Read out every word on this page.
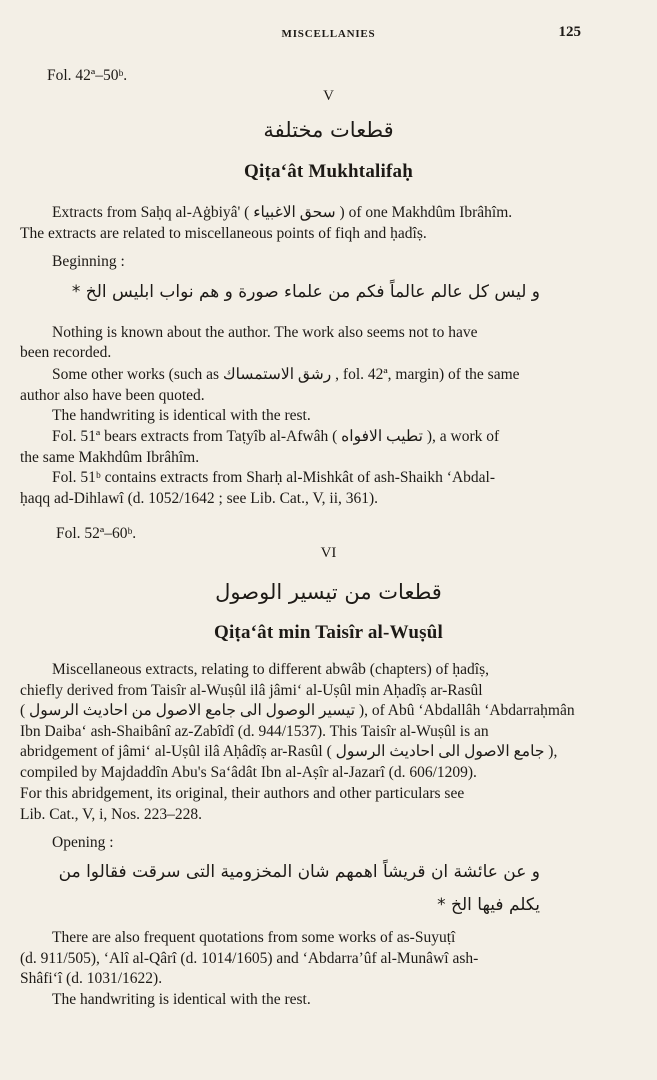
MISCELLANIES	125
Fol. 42ª–50ᵇ.
V
قطعات مختلفة
Qiṭa‘ât Mukhtalifaḥ
Extracts from Saḥq al-Aġbiyâ' ( سحق الاغبياء ) of one Makhdûm Ibrâhîm.
The extracts are related to miscellaneous points of fiqh and ḥadîṣ.
Beginning :
و ليس كل عالم عالماً فكم من علماء صورة و هم نواب ابليس الخ *
Nothing is known about the author. The work also seems not to have
been recorded.
Some other works (such as رشق الاستمساك , fol. 42ª, margin) of the same
author also have been quoted.
The handwriting is identical with the rest.
Fol. 51ª bears extracts from Taṭyîb al-Afwâh ( تطيب الافواه ), a work of
the same Makhdûm Ibrâhîm.
Fol. 51ᵇ contains extracts from Sharḥ al-Mishkât of ash-Shaikh ‘Abdal-
ḥaqq ad-Dihlawî (d. 1052/1642 ; see Lib. Cat., V, ii, 361).
Fol. 52ª–60ᵇ.
VI
قطعات من تيسير الوصول
Qiṭa‘ât min Taisîr al-Wuṣûl
Miscellaneous extracts, relating to different abwâb (chapters) of ḥadîṣ,
chiefly derived from Taisîr al-Wuṣûl ilâ jâmi‘ al-Uṣûl min Aḥadîṣ ar-Rasûl
( تيسير الوصول الى جامع الاصول من احاديث الرسول ), of Abû ‘Abdallâh ‘Abdarraḥmân
Ibn Daiba‘ ash-Shaibânî az-Zabîdî (d. 944/1537). This Taisîr al-Wuṣûl is an
abridgement of jâmi‘ al-Uṣûl ilâ Aḥâdîṣ ar-Rasûl ( جامع الاصول الى احاديث الرسول ),
compiled by Majdaddîn Abu's Sa‘âdât Ibn al-Aṣîr al-Jazarî (d. 606/1209).
For this abridgement, its original, their authors and other particulars see
Lib. Cat., V, i, Nos. 223–228.
Opening :
و عن عائشة ان قريشاً اهمهم شان المخزومية التى سرقت فقالوا من
يكلم فيها الخ *
There are also frequent quotations from some works of as-Suyuṭî
(d. 911/505), ‘Alî al-Qârî (d. 1014/1605) and ‘Abdarra’ûf al-Munâwî ash-
Shâfi‘î (d. 1031/1622).
The handwriting is identical with the rest.
